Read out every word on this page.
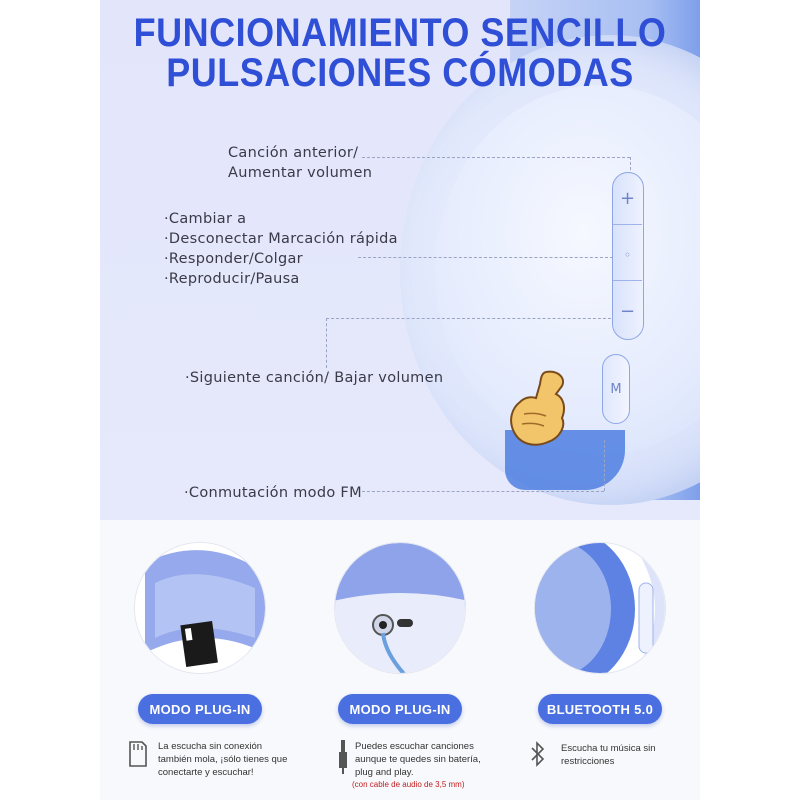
FUNCIONAMIENTO SENCILLO
PULSACIONES CÓMODAS
Canción anterior/
Aumentar volumen
·Cambiar a
·Desconectar Marcación rápida
·Responder/Colgar
·Reproducir/Pausa
·Siguiente canción/ Bajar volumen
·Conmutación modo FM
+
◦
−
M
MODO PLUG-IN	MODO PLUG-IN	BLUETOOTH 5.0
La escucha sin conexión
también mola, ¡sólo tienes que
conectarte y escuchar!
Puedes escuchar canciones
aunque te quedes sin batería,
plug and play.
(con cable de audio de 3,5 mm)
Escucha tu música sin
restricciones
